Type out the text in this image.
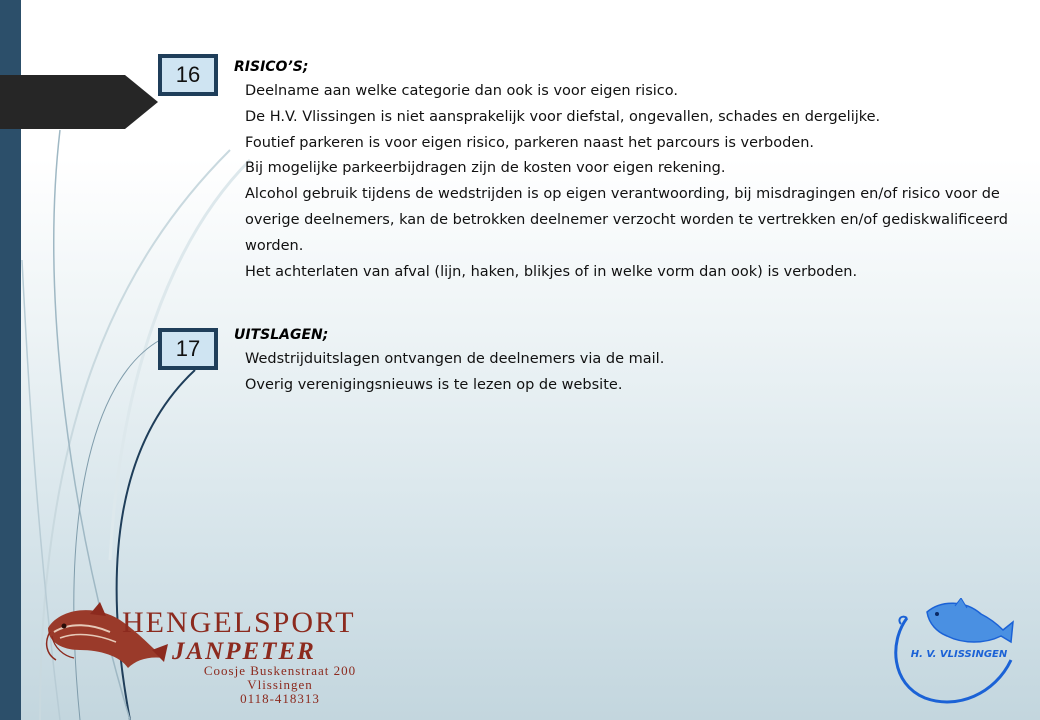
16	RISICO’S;
Deelname aan welke categorie dan ook is voor eigen risico.
De H.V. Vlissingen is niet aansprakelijk voor diefstal, ongevallen, schades en dergelijke.
Foutief parkeren is voor eigen risico, parkeren naast het parcours is verboden.
Bij mogelijke parkeerbijdragen zijn de kosten voor eigen rekening.
Alcohol gebruik tijdens de wedstrijden is op eigen verantwoording, bij misdragingen en/of risico voor de overige deelnemers, kan de betrokken deelnemer verzocht worden te vertrekken en/of gediskwalificeerd worden.
Het achterlaten van afval (lijn, haken, blikjes of in welke vorm dan ook) is verboden.
17
UITSLAGEN;
Wedstrijduitslagen ontvangen de deelnemers via de mail.
Overig verenigingsnieuws is te lezen op de website.
HENGELSPORT
JANPETER
Coosje Buskenstraat 200
Vlissingen
0118-418313
H. V. VLISSINGEN
